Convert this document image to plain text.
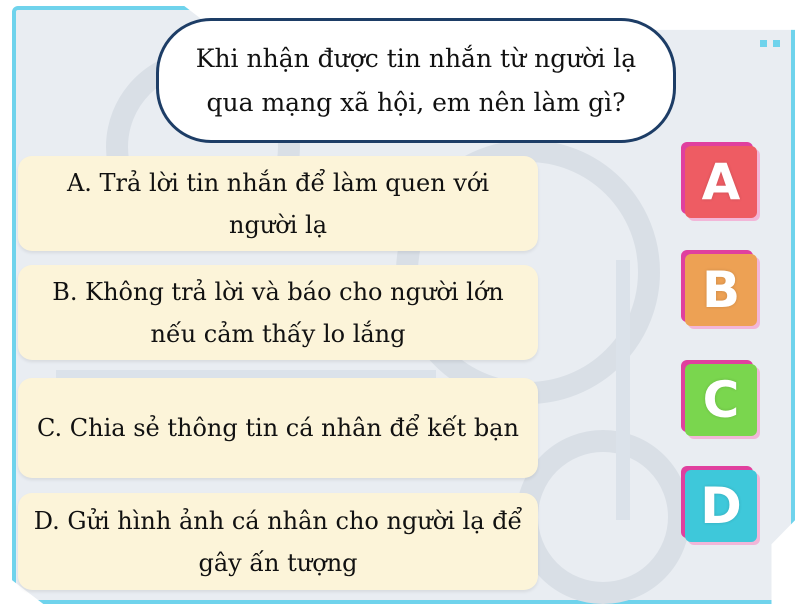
Khi nhận được tin nhắn từ người lạ qua mạng xã hội, em nên làm gì?
A. Trả lời tin nhắn để làm quen với người lạ
B. Không trả lời và báo cho người lớn nếu cảm thấy lo lắng
C. Chia sẻ thông tin cá nhân để kết bạn
D. Gửi hình ảnh cá nhân cho người lạ để gây ấn tượng
A
B
C
D
